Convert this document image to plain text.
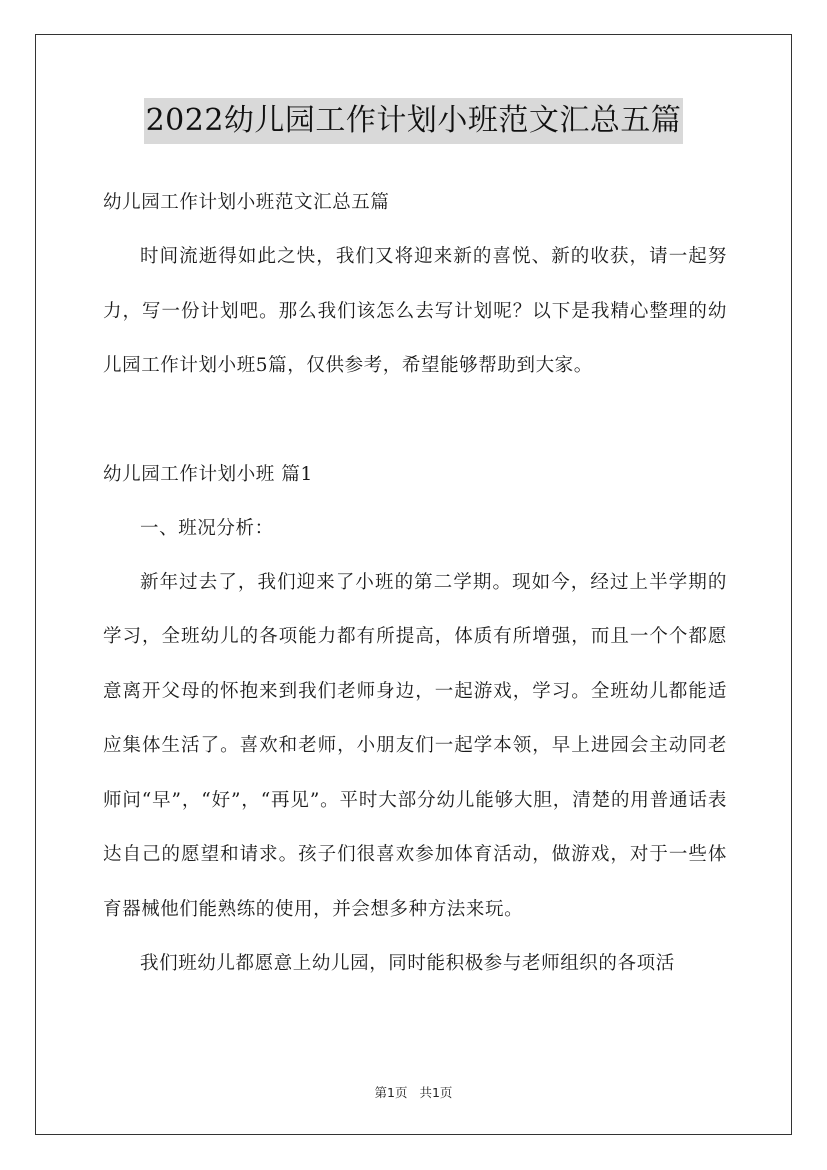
2022幼儿园工作计划小班范文汇总五篇
幼儿园工作计划小班范文汇总五篇
时间流逝得如此之快，我们又将迎来新的喜悦、新的收获，请一起努力，写一份计划吧。那么我们该怎么去写计划呢？以下是我精心整理的幼儿园工作计划小班5篇，仅供参考，希望能够帮助到大家。
幼儿园工作计划小班 篇1
一、班况分析：
新年过去了，我们迎来了小班的第二学期。现如今，经过上半学期的学习，全班幼儿的各项能力都有所提高，体质有所增强，而且一个个都愿意离开父母的怀抱来到我们老师身边，一起游戏，学习。全班幼儿都能适应集体生活了。喜欢和老师，小朋友们一起学本领，早上进园会主动同老师问“早”，“好”，“再见”。平时大部分幼儿能够大胆，清楚的用普通话表达自己的愿望和请求。孩子们很喜欢参加体育活动，做游戏，对于一些体育器械他们能熟练的使用，并会想多种方法来玩。
我们班幼儿都愿意上幼儿园，同时能积极参与老师组织的各项活
第1页 共1页
